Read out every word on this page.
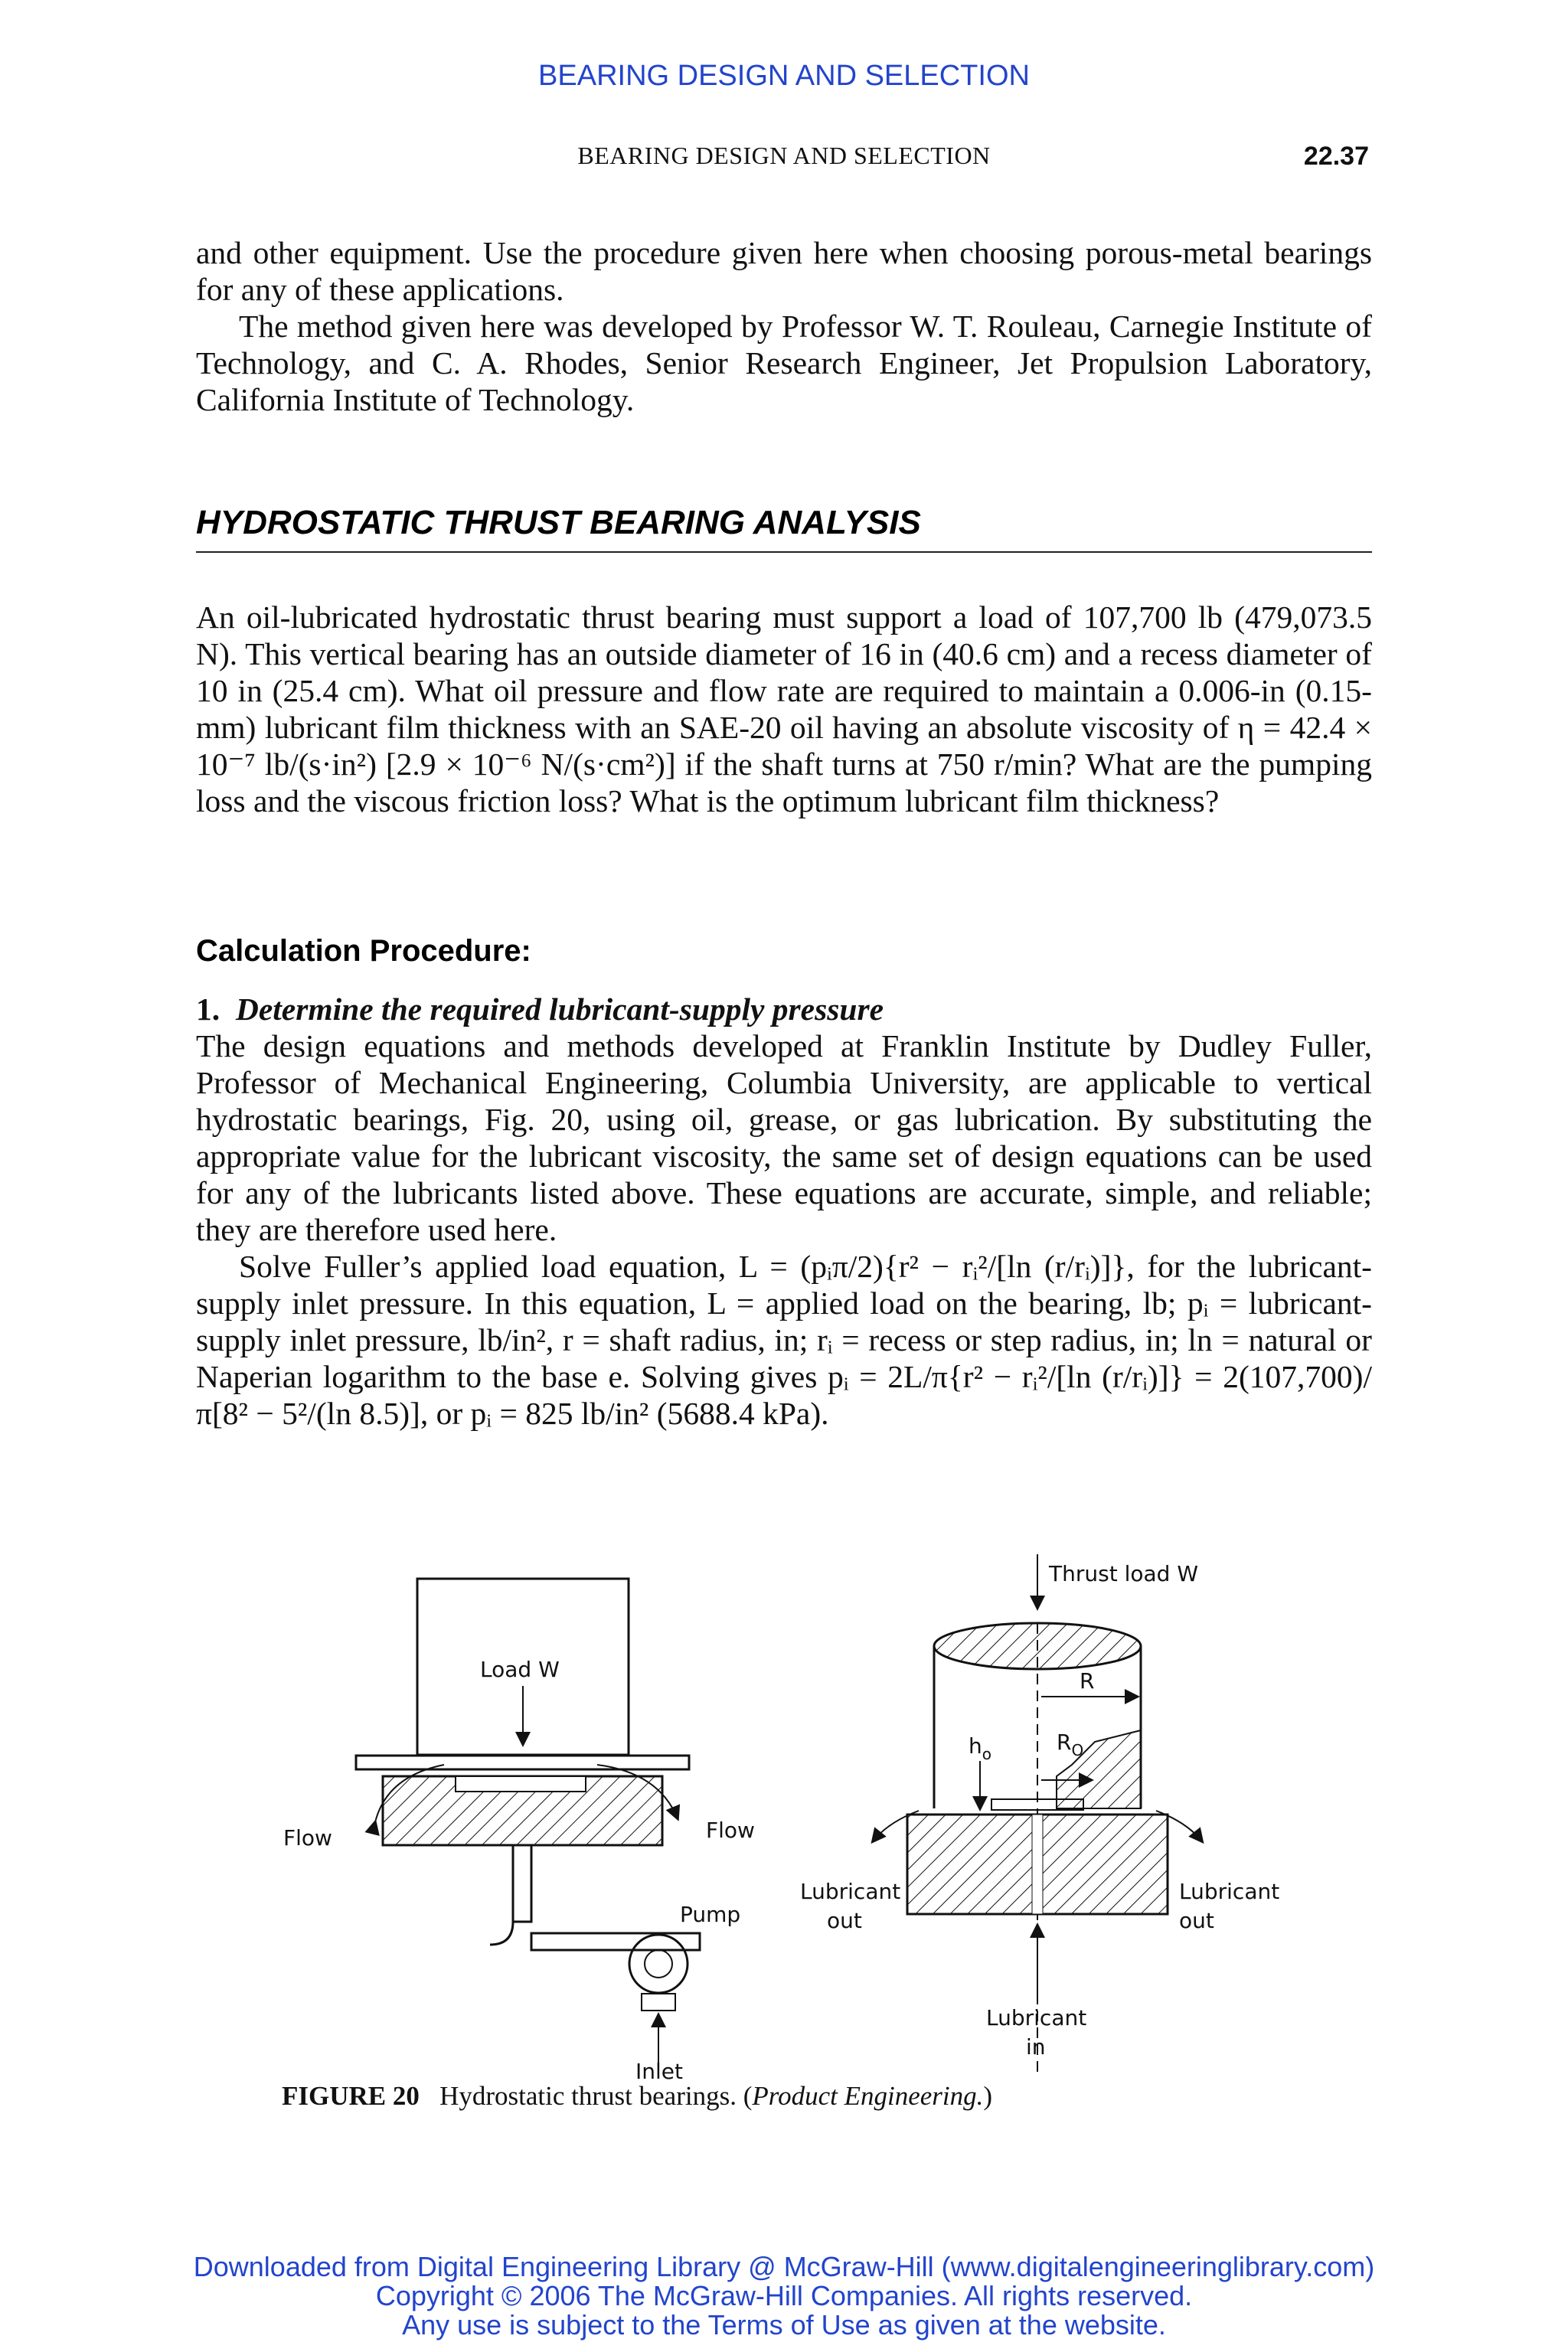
BEARING DESIGN AND SELECTION
BEARING DESIGN AND SELECTION	22.37

and other equipment. Use the procedure given here when choosing porous-metal bearings for any of these applications.

The method given here was developed by Professor W. T. Rouleau, Carnegie Institute of Technology, and C. A. Rhodes, Senior Research Engineer, Jet Propulsion Laboratory, California Institute of Technology.

HYDROSTATIC THRUST BEARING ANALYSIS

An oil-lubricated hydrostatic thrust bearing must support a load of 107,700 lb (479,073.5 N). This vertical bearing has an outside diameter of 16 in (40.6 cm) and a recess diameter of 10 in (25.4 cm). What oil pressure and flow rate are required to maintain a 0.006-in (0.15-mm) lubricant film thickness with an SAE-20 oil having an absolute viscosity of η = 42.4 × 10⁻⁷ lb/(s·in²) [2.9 × 10⁻⁶ N/(s·cm²)] if the shaft turns at 750 r/min? What are the pumping loss and the viscous friction loss? What is the optimum lubricant film thickness?

Calculation Procedure:

1. Determine the required lubricant-supply pressure

The design equations and methods developed at Franklin Institute by Dudley Fuller, Professor of Mechanical Engineering, Columbia University, are applicable to vertical hydrostatic bearings, Fig. 20, using oil, grease, or gas lubrication. By substituting the appropriate value for the lubricant viscosity, the same set of design equations can be used for any of the lubricants listed above. These equations are accurate, simple, and reliable; they are therefore used here.

Solve Fuller’s applied load equation, L = (pᵢπ/2){r² − rᵢ²/[ln (r/rᵢ)]}, for the lubricant-supply inlet pressure. In this equation, L = applied load on the bearing, lb; pᵢ = lubricant-supply inlet pressure, lb/in², r = shaft radius, in; rᵢ = recess or step radius, in; ln = natural or Naperian logarithm to the base e. Solving gives pᵢ = 2L/π{r² − rᵢ²/[ln (r/rᵢ)]} = 2(107,700)/π[8² − 5²/(ln 8.5)], or pᵢ = 825 lb/in² (5688.4 kPa).

Load W
Flow	Flow
Pump
Inlet
Thrust load W
R
$R_O$
$h_o$
Lubricant
out
Lubricant
out
Lubricant
in
FIGURE 20 Hydrostatic thrust bearings. (Product Engineering.)
Downloaded from Digital Engineering Library @ McGraw-Hill (www.digitalengineeringlibrary.com)
Copyright © 2006 The McGraw-Hill Companies. All rights reserved.
Any use is subject to the Terms of Use as given at the website.
